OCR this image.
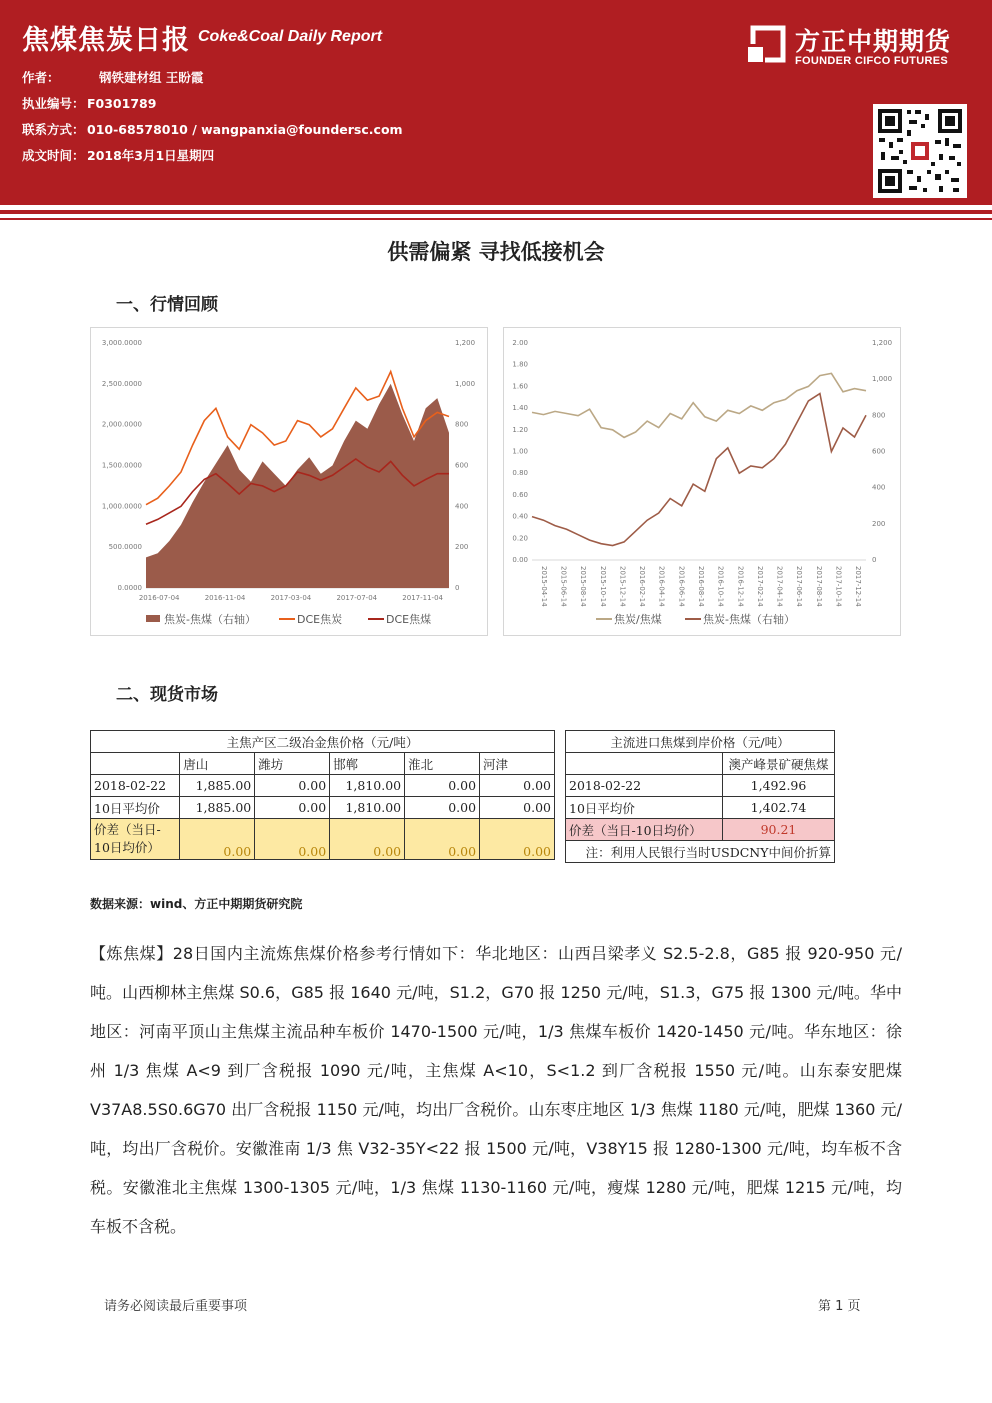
焦煤焦炭日报 Coke&Coal Daily Report
作者：	钢铁建材组 王盼霞
执业编号： F0301789
联系方式： 010-68578010 / wangpanxia@foundersc.com
成文时间： 2018年3月1日星期四
方正中期期货
FOUNDER CIFCO FUTURES
供需偏紧 寻找低接机会
一、行情回顾
3,000.0000
2,500.0000
2,000.0000
1,500.0000
1,000.0000
500.0000
0.0000
1,200
1,000
800
600
400
200
0
2016-07-04	2016-11-04	2017-03-04	2017-07-04	2017-11-04
焦炭-焦煤（右轴）	DCE焦炭	DCE焦煤
2.00
1.80
1.60
1.40
1.20
1.00
0.80
0.60
0.40
0.20
0.00
1,200
1,000
800
600
400
200
0
2015-04-14 2015-06-14 2015-08-14 2015-10-14 2015-12-14 2016-02-14 2016-04-14 2016-06-14 2016-08-14 2016-10-14 2016-12-14 2017-02-14 2017-04-14 2017-06-14 2017-08-14 2017-10-14 2017-12-14
焦炭/焦煤	焦炭-焦煤（右轴）
二、现货市场
主焦产区二级冶金焦价格（元/吨）					
	唐山	潍坊	邯郸	淮北	河津
2018-02-22	1,885.00	0.00	1,810.00	0.00	0.00
10日平均价	1,885.00	0.00	1,810.00	0.00	0.00
价差（当日-
10日均价）	0.00	0.00	0.00	0.00	0.00
主流进口焦煤到岸价格（元/吨）	
	澳产峰景矿硬焦煤
2018-02-22	1,492.96
10日平均价	1,402.74
价差（当日-10日均价）	90.21
注：利用人民银行当时USDCNY中间价折算	
数据来源：wind、方正中期期货研究院
【炼焦煤】28日国内主流炼焦煤价格参考行情如下：华北地区：山西吕梁孝义 S2.5-2.8，G85 报 920-950 元/吨。山西柳林主焦煤 S0.6，G85 报 1640 元/吨，S1.2，G70 报 1250 元/吨，S1.3，G75 报 1300 元/吨。华中地区：河南平顶山主焦煤主流品种车板价 1470-1500 元/吨，1/3 焦煤车板价 1420-1450 元/吨。华东地区：徐州 1/3 焦煤 A<9 到厂含税报 1090 元/吨，主焦煤 A<10，S<1.2 到厂含税报 1550 元/吨。山东泰安肥煤 V37A8.5S0.6G70 出厂含税报 1150 元/吨，均出厂含税价。山东枣庄地区 1/3 焦煤 1180 元/吨，肥煤 1360 元/吨，均出厂含税价。安徽淮南 1/3 焦 V32-35Y<22 报 1500 元/吨，V38Y15 报 1280-1300 元/吨，均车板不含税。安徽淮北主焦煤 1300-1305 元/吨，1/3 焦煤 1130-1160 元/吨，瘦煤 1280 元/吨，肥煤 1215 元/吨，均车板不含税。
请务必阅读最后重要事项	第 1 页
